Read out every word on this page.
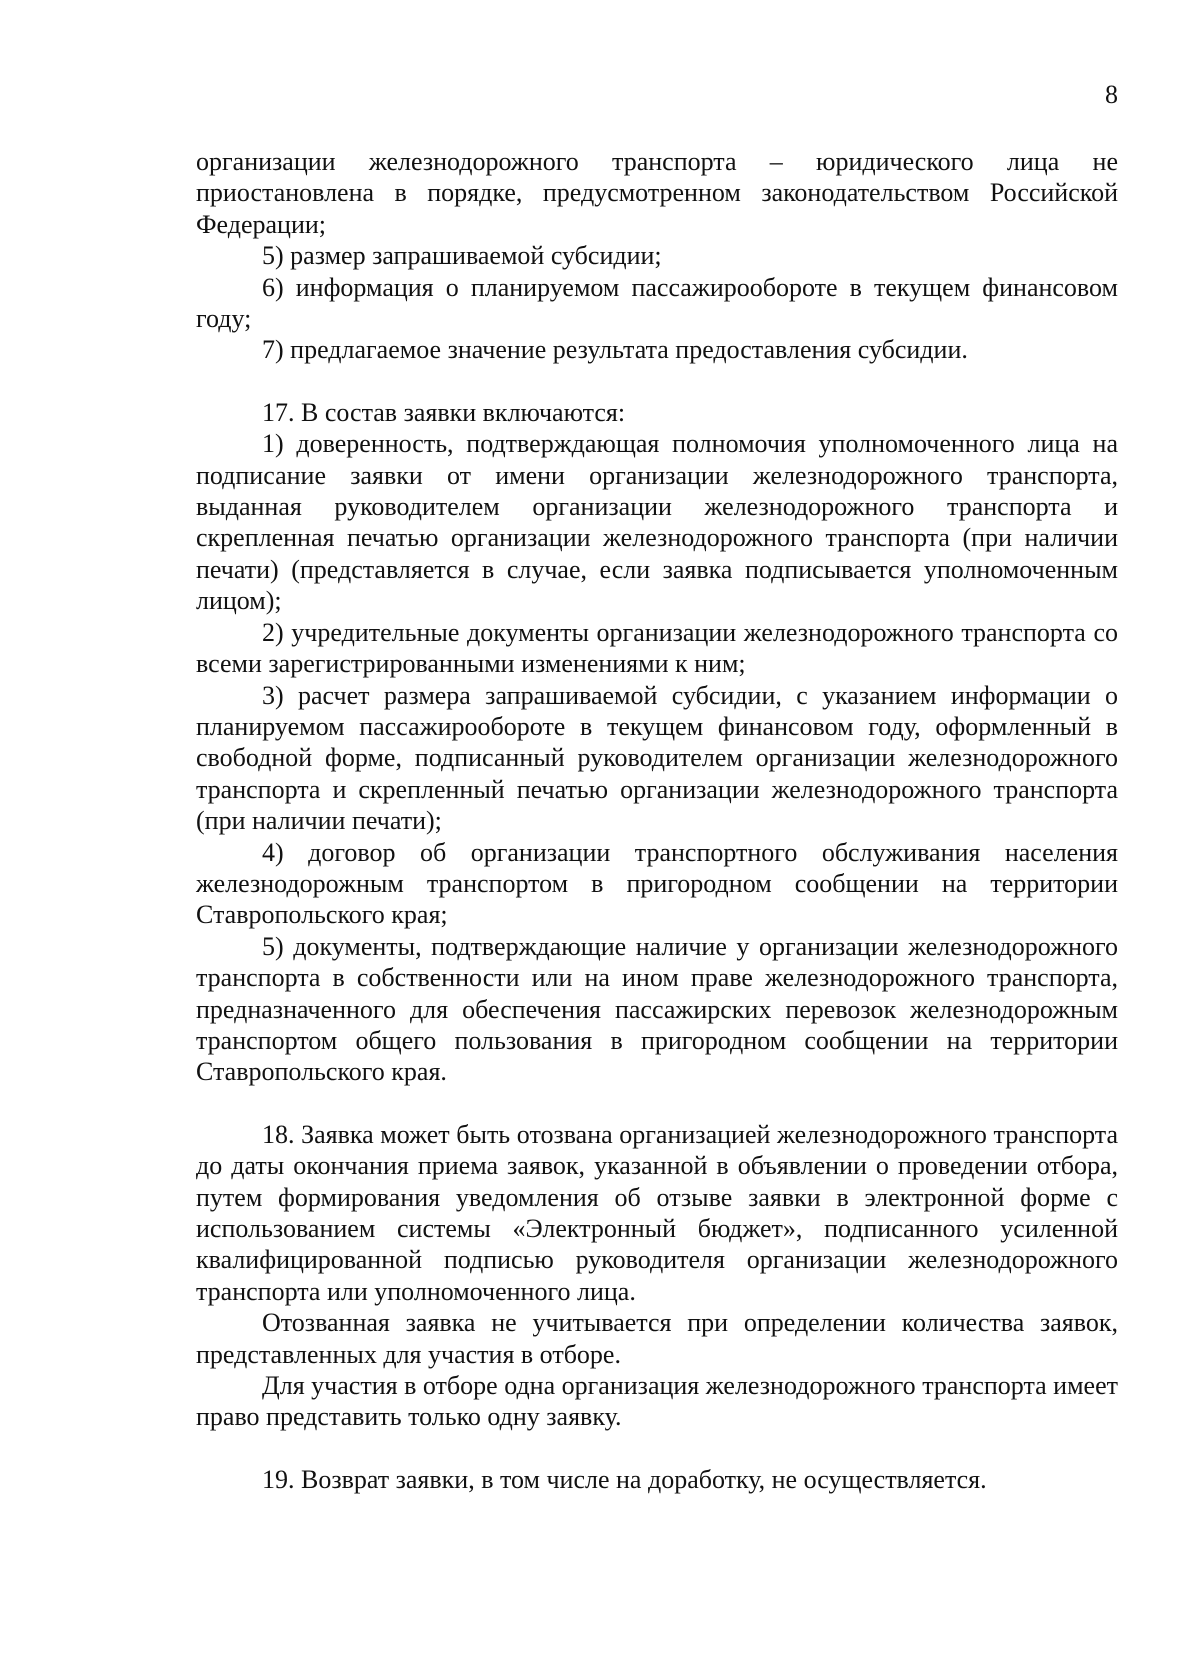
8

организации железнодорожного транспорта – юридического лица не приостановлена в порядке, предусмотренном законодательством Российской Федерации;

5) размер запрашиваемой субсидии;

6) информация о планируемом пассажирообороте в текущем финансовом году;

7) предлагаемое значение результата предоставления субсидии.

17. В состав заявки включаются:

1) доверенность, подтверждающая полномочия уполномоченного лица на подписание заявки от имени организации железнодорожного транспорта, выданная руководителем организации железнодорожного транспорта и скрепленная печатью организации железнодорожного транспорта (при наличии печати) (представляется в случае, если заявка подписывается уполномоченным лицом);

2) учредительные документы организации железнодорожного транспорта со всеми зарегистрированными изменениями к ним;

3) расчет размера запрашиваемой субсидии, с указанием информации о планируемом пассажирообороте в текущем финансовом году, оформленный в свободной форме, подписанный руководителем организации железнодорожного транспорта и скрепленный печатью организации железнодорожного транспорта (при наличии печати);

4) договор об организации транспортного обслуживания населения железнодорожным транспортом в пригородном сообщении на территории Ставропольского края;

5) документы, подтверждающие наличие у организации железнодорожного транспорта в собственности или на ином праве железнодорожного транспорта, предназначенного для обеспечения пассажирских перевозок железнодорожным транспортом общего пользования в пригородном сообщении на территории Ставропольского края.

18. Заявка может быть отозвана организацией железнодорожного транспорта до даты окончания приема заявок, указанной в объявлении о проведении отбора, путем формирования уведомления об отзыве заявки в электронной форме с использованием системы «Электронный бюджет», подписанного усиленной квалифицированной подписью руководителя организации железнодорожного транспорта или уполномоченного лица.

Отозванная заявка не учитывается при определении количества заявок, представленных для участия в отборе.

Для участия в отборе одна организация железнодорожного транспорта имеет право представить только одну заявку.

19. Возврат заявки, в том числе на доработку, не осуществляется.
